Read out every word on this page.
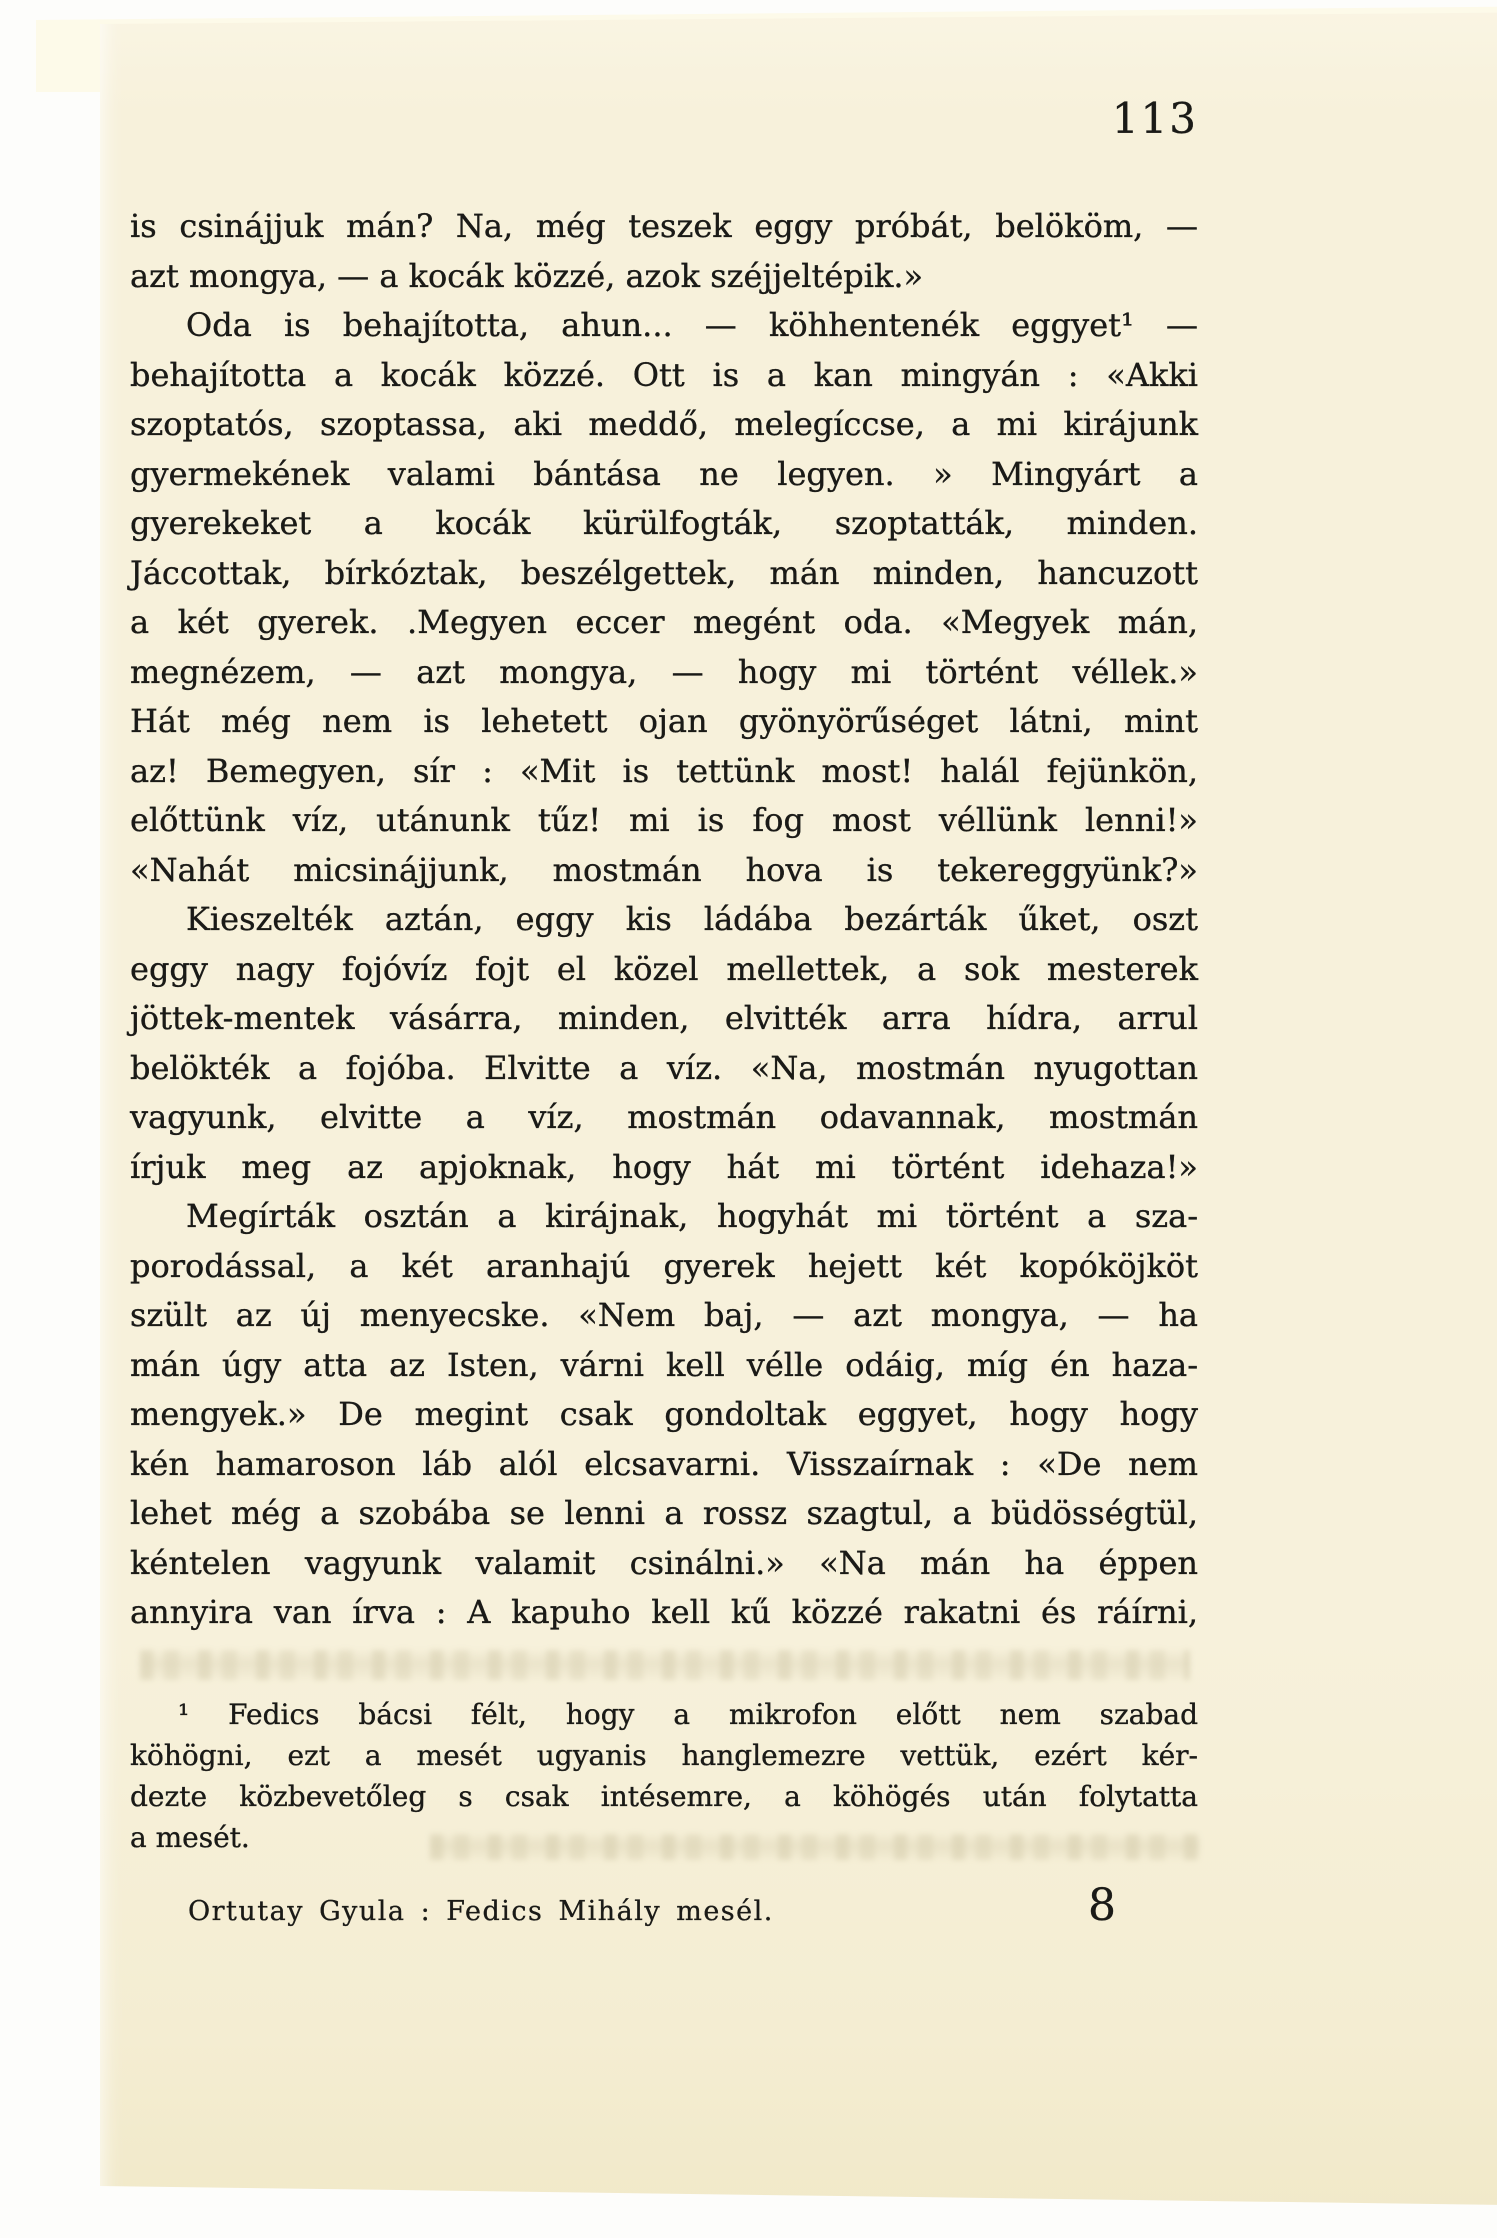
113
is csinájjuk mán? Na, még teszek eggy próbát, belököm, —
azt mongya, — a kocák közzé, azok széjjeltépik.»
Oda is behajította, ahun... — köhhentenék eggyet¹ —
behajította a kocák közzé. Ott is a kan mingyán : «Akki
szoptatós, szoptassa, aki meddő, melegíccse, a mi kirájunk
gyermekének valami bántása ne legyen. » Mingyárt a
gyerekeket a kocák kürülfogták, szoptatták, minden.
Jáccottak, bírkóztak, beszélgettek, mán minden, hancuzott
a két gyerek. .Megyen eccer megént oda. «Megyek mán,
megnézem, — azt mongya, — hogy mi történt véllek.»
Hát még nem is lehetett ojan gyönyörűséget látni, mint
az! Bemegyen, sír : «Mit is tettünk most! halál fejünkön,
előttünk víz, utánunk tűz! mi is fog most véllünk lenni!»
«Nahát micsinájjunk, mostmán hova is tekereggyünk?»
Kieszelték aztán, eggy kis ládába bezárták űket, oszt
eggy nagy fojóvíz fojt el közel mellettek, a sok mesterek
jöttek-mentek vásárra, minden, elvitték arra hídra, arrul
belökték a fojóba. Elvitte a víz. «Na, mostmán nyugottan
vagyunk, elvitte a víz, mostmán odavannak, mostmán
írjuk meg az apjoknak, hogy hát mi történt idehaza!»
Megírták osztán a kirájnak, hogyhát mi történt a sza-
porodással, a két aranhajú gyerek hejett két kopóköjköt
szült az új menyecske. «Nem baj, — azt mongya, — ha
mán úgy atta az Isten, várni kell vélle odáig, míg én haza-
mengyek.» De megint csak gondoltak eggyet, hogy hogy
kén hamaroson láb alól elcsavarni. Visszaírnak : «De nem
lehet még a szobába se lenni a rossz szagtul, a büdösségtül,
kéntelen vagyunk valamit csinálni.» «Na mán ha éppen
annyira van írva : A kapuho kell kű közzé rakatni és ráírni,
¹ Fedics bácsi félt, hogy a mikrofon előtt nem szabad
köhögni, ezt a mesét ugyanis hanglemezre vettük, ezért kér-
dezte közbevetőleg s csak intésemre, a köhögés után folytatta
a mesét.
Ortutay Gyula : Fedics Mihály mesél.	8
